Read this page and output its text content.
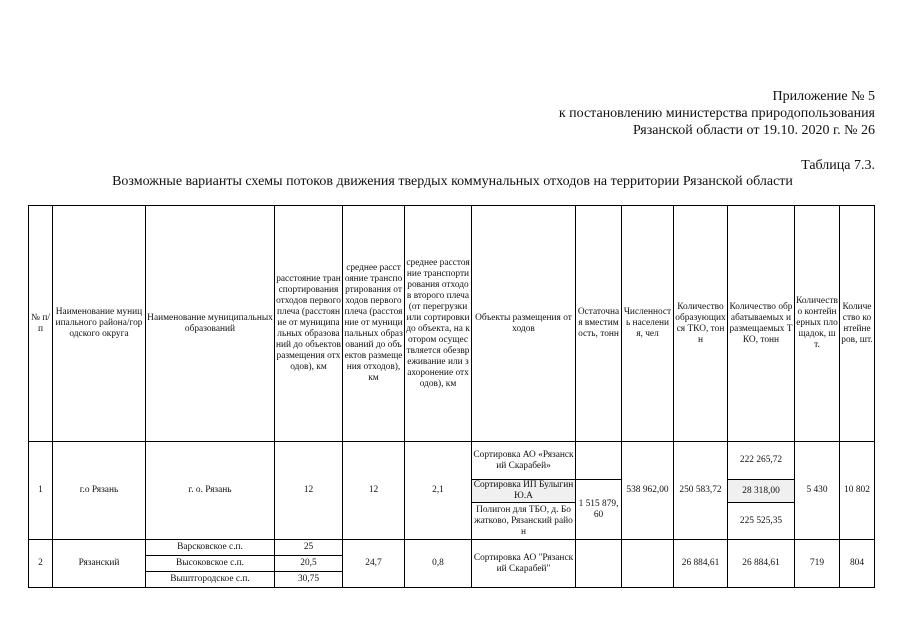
Приложение № 5
к постановлению министерства природопользования
Рязанской области от 19.10. 2020 г. № 26
Таблица 7.3.
Возможные варианты схемы потоков движения твердых коммунальных отходов на территории Рязанской области
№ п/п	Наименование муниципального района/городского округа	Наименование муниципальных образований	расстояние транспортирования отходов первого плеча (расстояние от муниципальных образований до объектов размещения отходов), км	среднее расстояние транспортирования отходов первого плеча (расстояние от муниципальных образований до объектов размещения отходов), км	среднее расстояние транспортирования отходов второго плеча (от перегрузки или сортировки до объекта, на котором осуществляется обезвреживание или захоронение отходов), км	Объекты размещения отходов	Остаточная вместимость, тонн	Численность населения, чел	Количество образующихся ТКО, тонн	Количество обрабатываемых и размещаемых ТКО, тонн	Количество контейнерных площадок, шт.	Количество контейнеров, шт.
1	г.о Рязань	г. о. Рязань	12	12	2,1	Сортировка АО «Рязанский Скарабей»		538 962,00	250 583,72	222 265,72	5 430	10 802
						Сортировка ИП Булыгин Ю.А	1 515 879,60			28 318,00		
						Полигон для ТБО, д. Божатково, Рязанский район				225 525,35		
2	Рязанский	Варсковское с.п.	25	24,7	0,8	Сортировка АО "Рязанский Скарабей"			26 884,61	26 884,61	719	804
		Высоковское с.п.	20,5									
		Выштгородское с.п.	30,75									
